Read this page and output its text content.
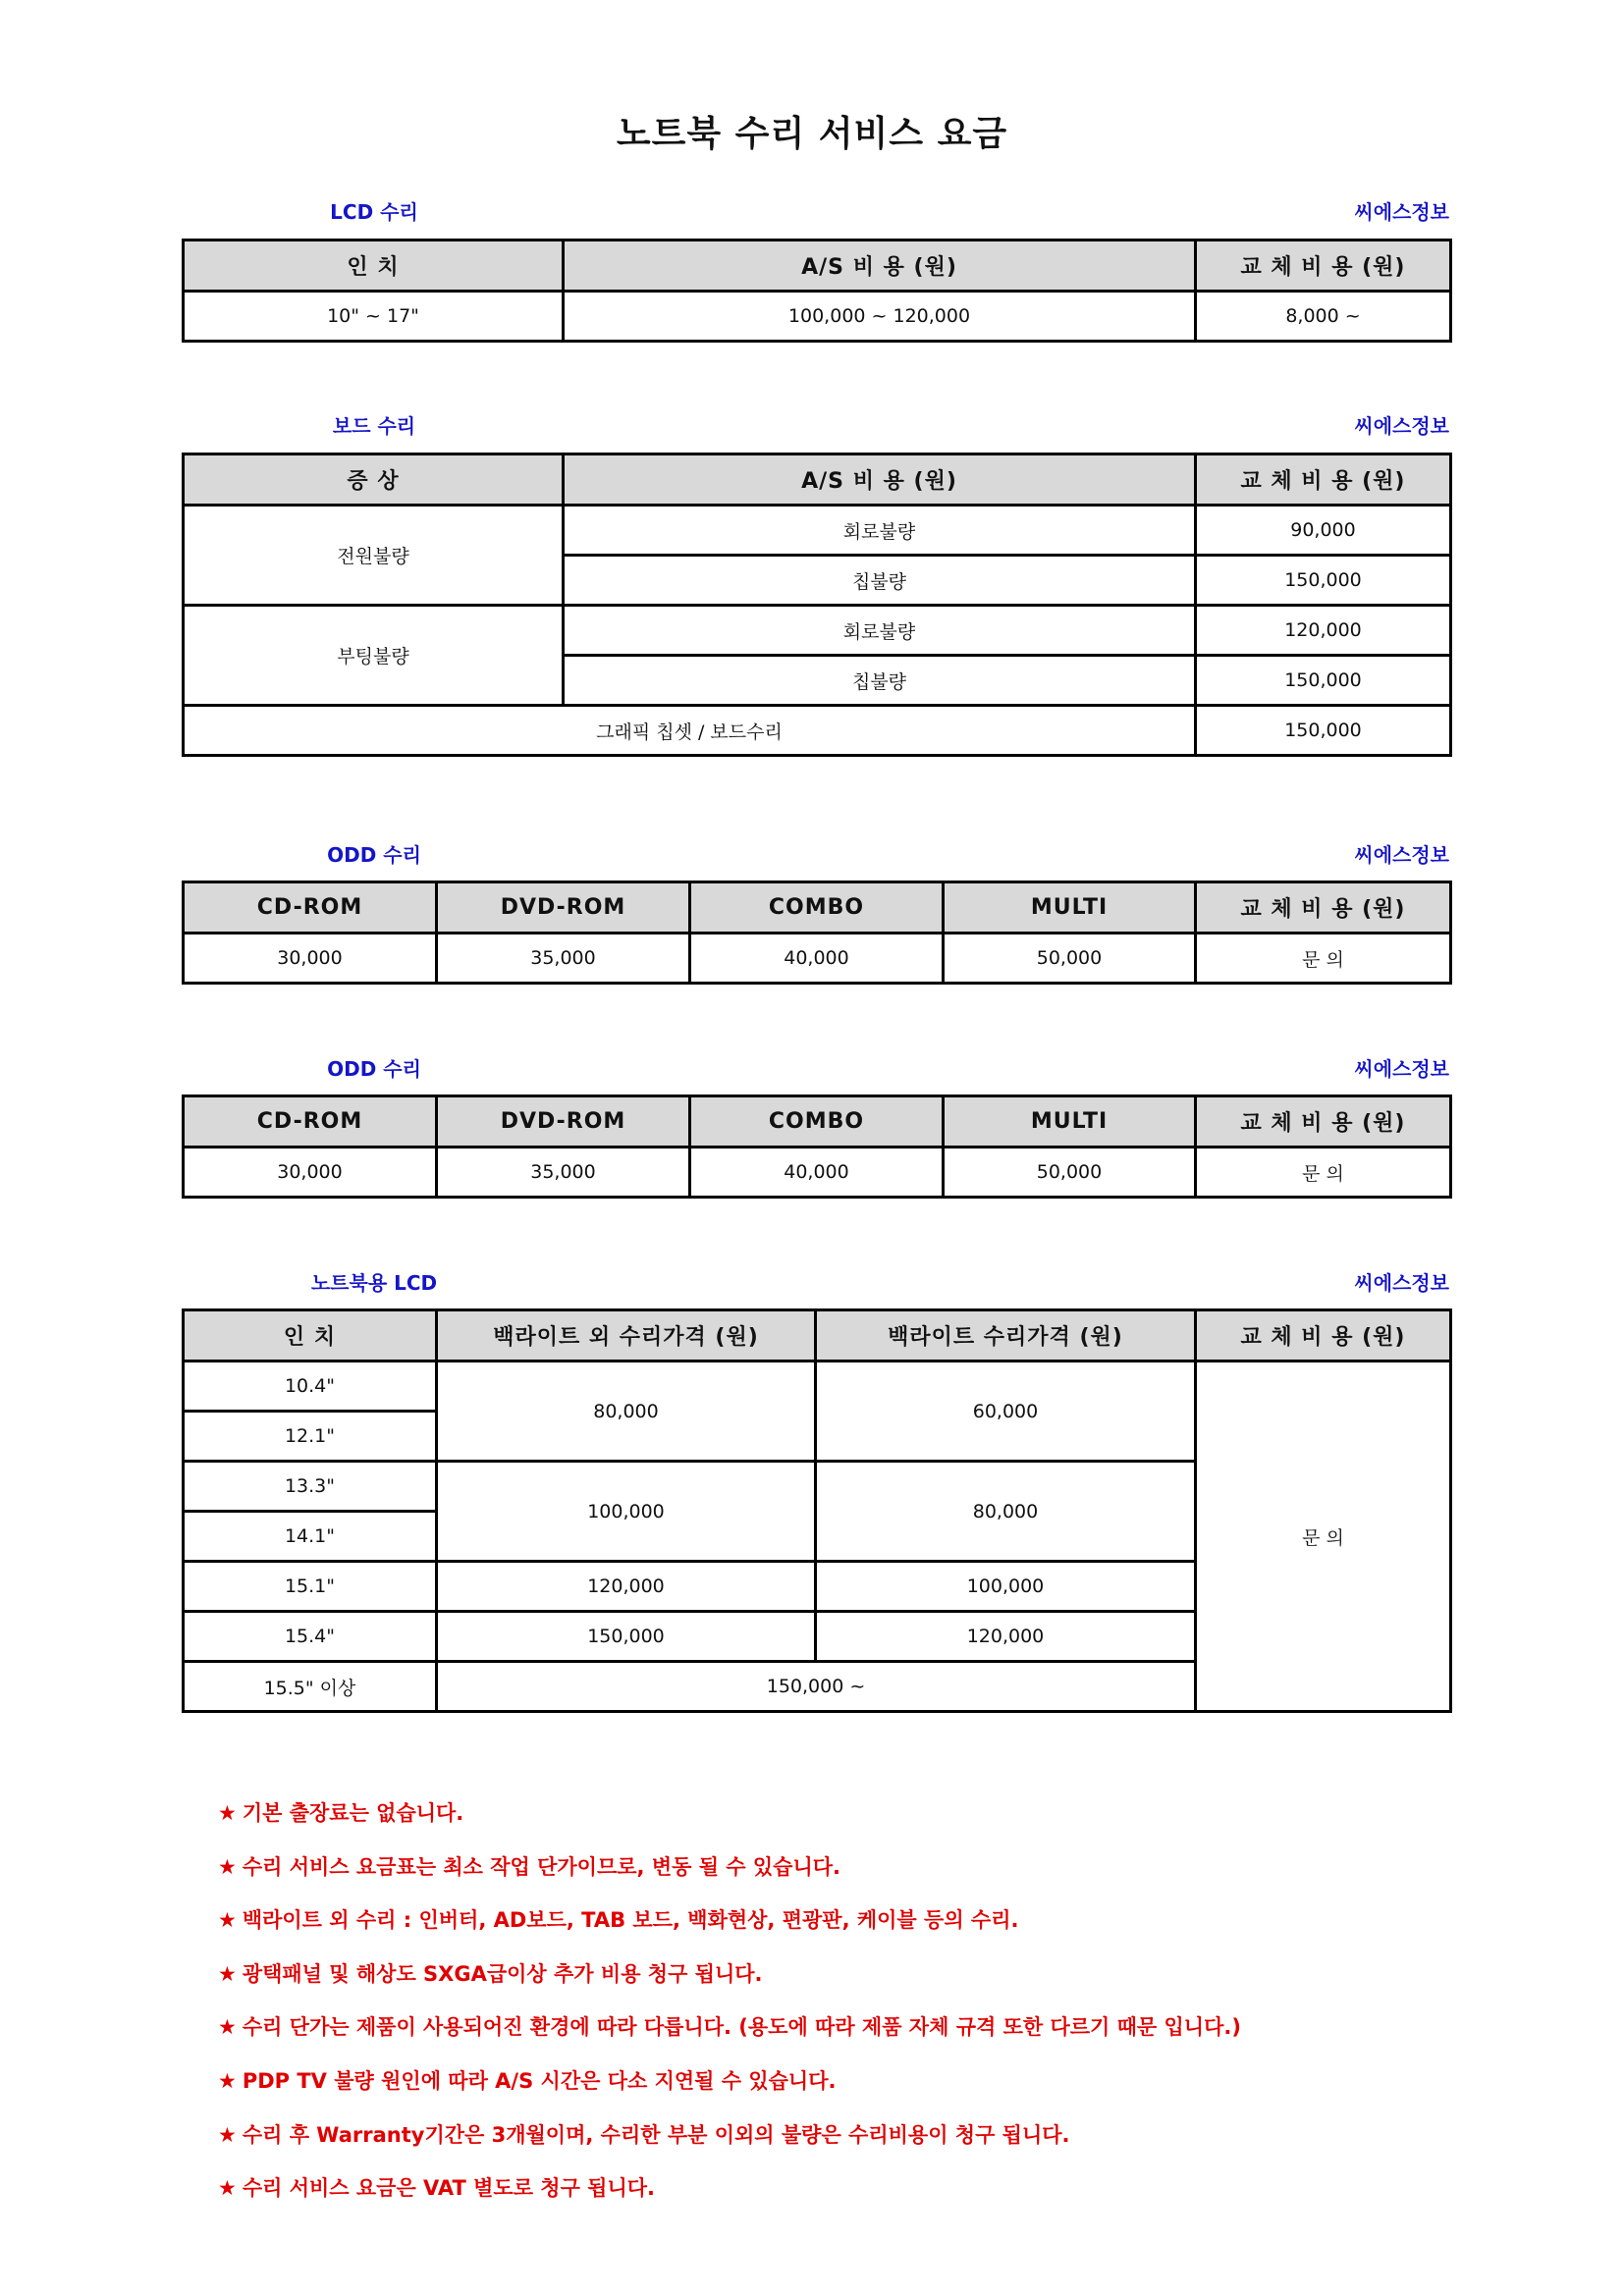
노트북 수리 서비스 요금
LCD 수리	씨에스정보
인 치	A/S 비 용 (원)	교 체 비 용 (원)
10" ~ 17"	100,000 ~ 120,000	8,000 ~
보드 수리	씨에스정보
증 상	A/S 비 용 (원)	교 체 비 용 (원)
전원불량	회로불량	90,000
	칩불량	150,000
부팅불량	회로불량	120,000
	칩불량	150,000
그래픽 칩셋 / 보드수리		150,000
ODD 수리	씨에스정보
CD-ROM	DVD-ROM	COMBO	MULTI	교 체 비 용 (원)
30,000	35,000	40,000	50,000	문 의
ODD 수리	씨에스정보
CD-ROM	DVD-ROM	COMBO	MULTI	교 체 비 용 (원)
30,000	35,000	40,000	50,000	문 의
노트북용 LCD	씨에스정보
인 치	백라이트 외 수리가격 (원)	백라이트 수리가격 (원)	교 체 비 용 (원)
10.4"	80,000	60,000	문 의
12.1"			
13.3"	100,000	80,000	
14.1"			
15.1"	120,000	100,000	
15.4"	150,000	120,000	
15.5" 이상	150,000 ~		
★ 기본 출장료는 없습니다.
★ 수리 서비스 요금표는 최소 작업 단가이므로, 변동 될 수 있습니다.
★ 백라이트 외 수리 : 인버터, AD보드, TAB 보드, 백화현상, 편광판, 케이블 등의 수리.
★ 광택패널 및 해상도 SXGA급이상 추가 비용 청구 됩니다.
★ 수리 단가는 제품이 사용되어진 환경에 따라 다릅니다. (용도에 따라 제품 자체 규격 또한 다르기 때문 입니다.)
★ PDP TV 불량 원인에 따라 A/S 시간은 다소 지연될 수 있습니다.
★ 수리 후 Warranty기간은 3개월이며, 수리한 부분 이외의 불량은 수리비용이 청구 됩니다.
★ 수리 서비스 요금은 VAT 별도로 청구 됩니다.
